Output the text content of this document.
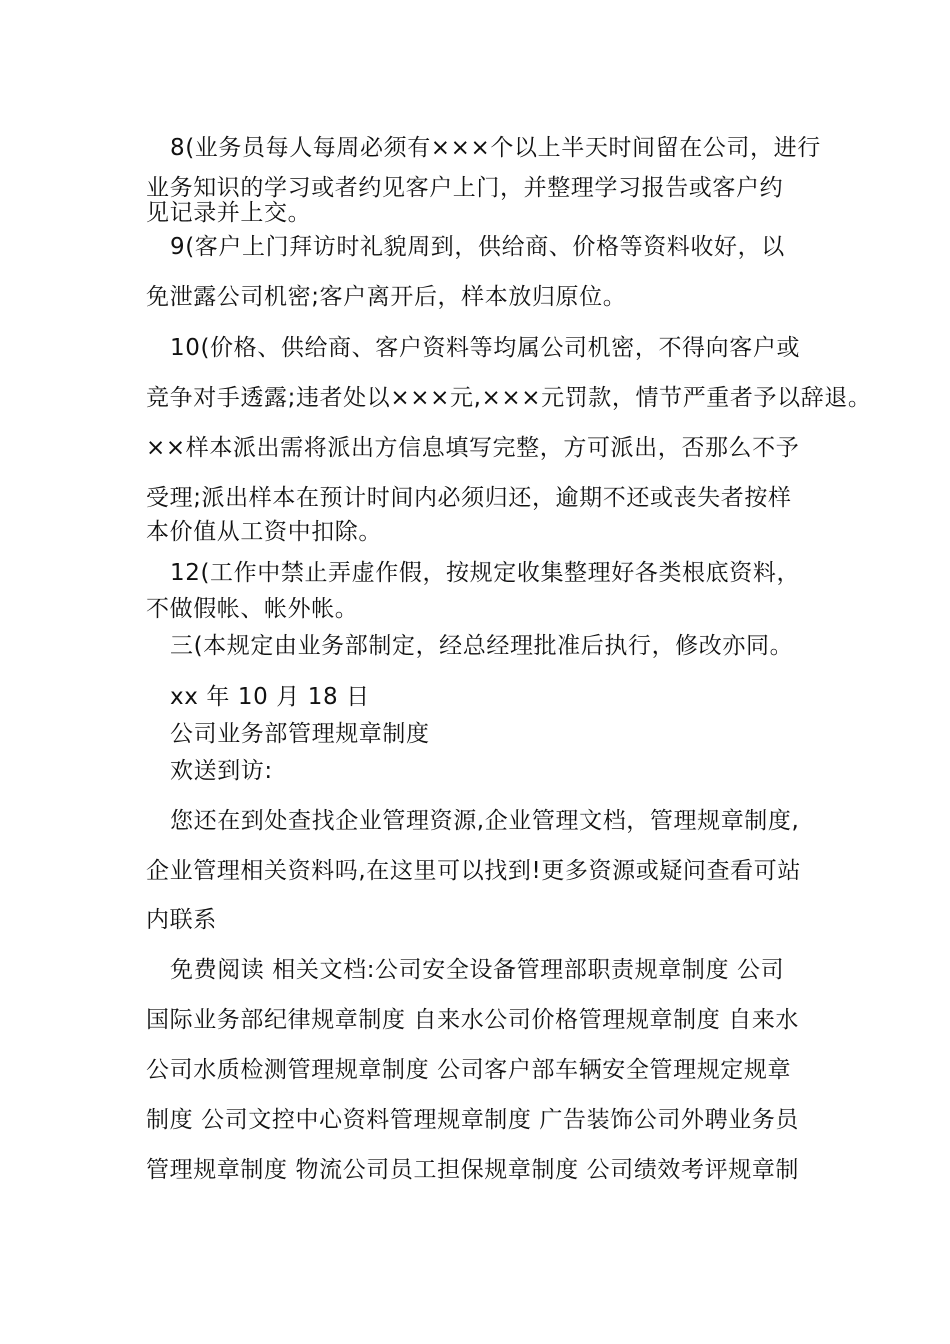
8(业务员每人每周必须有×××个以上半天时间留在公司，进行
业务知识的学习或者约见客户上门，并整理学习报告或客户约
见记录并上交。
9(客户上门拜访时礼貌周到，供给商、价格等资料收好，以
免泄露公司机密;客户离开后，样本放归原位。
10(价格、供给商、客户资料等均属公司机密，不得向客户或
竞争对手透露;违者处以×××元,×××元罚款，情节严重者予以辞退。
××样本派出需将派出方信息填写完整，方可派出，否那么不予
受理;派出样本在预计时间内必须归还，逾期不还或丧失者按样
本价值从工资中扣除。
12(工作中禁止弄虚作假，按规定收集整理好各类根底资料，
不做假帐、帐外帐。
三(本规定由业务部制定，经总经理批准后执行，修改亦同。
xx 年 10 月 18 日
公司业务部管理规章制度
欢送到访:
您还在到处查找企业管理资源,企业管理文档，管理规章制度,
企业管理相关资料吗,在这里可以找到!更多资源或疑问查看可站
内联系
免费阅读 相关文档:公司安全设备管理部职责规章制度 公司
国际业务部纪律规章制度 自来水公司价格管理规章制度 自来水
公司水质检测管理规章制度 公司客户部车辆安全管理规定规章
制度 公司文控中心资料管理规章制度 广告装饰公司外聘业务员
管理规章制度 物流公司员工担保规章制度 公司绩效考评规章制
